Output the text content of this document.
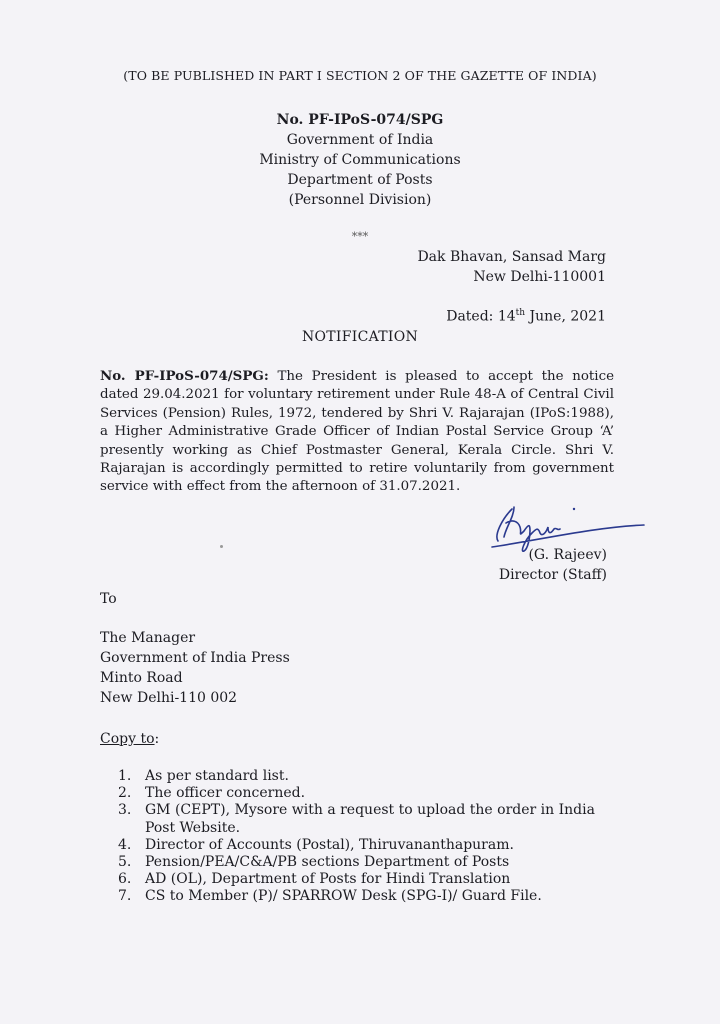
(TO BE PUBLISHED IN PART I SECTION 2 OF THE GAZETTE OF INDIA)
No. PF-IPoS-074/SPG
Government of India
Ministry of Communications
Department of Posts
(Personnel Division)
***
Dak Bhavan, Sansad Marg
New Delhi-110001
Dated: 14th June, 2021
NOTIFICATION
No. PF-IPoS-074/SPG: The President is pleased to accept the notice dated 29.04.2021 for voluntary retirement under Rule 48-A of Central Civil Services (Pension) Rules, 1972, tendered by Shri V. Rajarajan (IPoS:1988), a Higher Administrative Grade Officer of Indian Postal Service Group ‘A’ presently working as Chief Postmaster General, Kerala Circle. Shri V. Rajarajan is accordingly permitted to retire voluntarily from government service with effect from the afternoon of 31.07.2021.
(G. Rajeev)
Director (Staff)
To
The Manager
Government of India Press
Minto Road
New Delhi-110 002
Copy to:
1. As per standard list.
2. The officer concerned.
3. GM (CEPT), Mysore with a request to upload the order in India Post Website.
4. Director of Accounts (Postal), Thiruvananthapuram.
5. Pension/PEA/C&A/PB sections Department of Posts
6. AD (OL), Department of Posts for Hindi Translation
7. CS to Member (P)/ SPARROW Desk (SPG-I)/ Guard File.
